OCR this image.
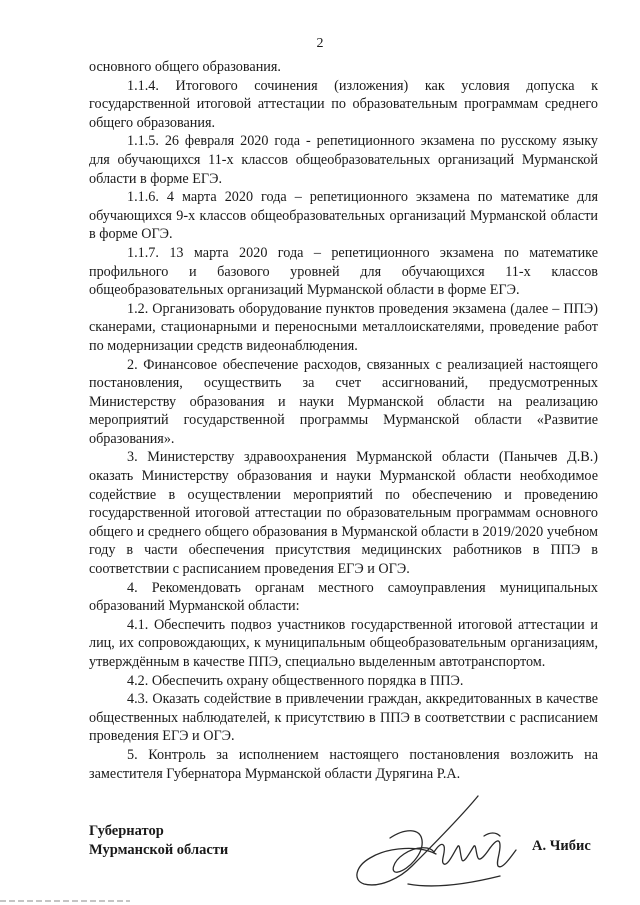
2

основного общего образования.

1.1.4. Итогового сочинения (изложения) как условия допуска к государственной итоговой аттестации по образовательным программам среднего общего образования.

1.1.5. 26 февраля 2020 года - репетиционного экзамена по русскому языку для обучающихся 11-х классов общеобразовательных организаций Мурманской области в форме ЕГЭ.

1.1.6. 4 марта 2020 года – репетиционного экзамена по математике для обучающихся 9-х классов общеобразовательных организаций Мурманской области в форме ОГЭ.

1.1.7. 13 марта 2020 года – репетиционного экзамена по математике профильного и базового уровней для обучающихся 11-х классов общеобразовательных организаций Мурманской области в форме ЕГЭ.

1.2. Организовать оборудование пунктов проведения экзамена (далее – ППЭ) сканерами, стационарными и переносными металлоискателями, проведение работ по модернизации средств видеонаблюдения.

2. Финансовое обеспечение расходов, связанных с реализацией настоящего постановления, осуществить за счет ассигнований, предусмотренных Министерству образования и науки Мурманской области на реализацию мероприятий государственной программы Мурманской области «Развитие образования».

3. Министерству здравоохранения Мурманской области (Панычев Д.В.) оказать Министерству образования и науки Мурманской области необходимое содействие в осуществлении мероприятий по обеспечению и проведению государственной итоговой аттестации по образовательным программам основного общего и среднего общего образования в Мурманской области в 2019/2020 учебном году в части обеспечения присутствия медицинских работников в ППЭ в соответствии с расписанием проведения ЕГЭ и ОГЭ.

4. Рекомендовать органам местного самоуправления муниципальных образований Мурманской области:

4.1. Обеспечить подвоз участников государственной итоговой аттестации и лиц, их сопровождающих, к муниципальным общеобразовательным организациям, утверждённым в качестве ППЭ, специально выделенным автотранспортом.

4.2. Обеспечить охрану общественного порядка в ППЭ.

4.3. Оказать содействие в привлечении граждан, аккредитованных в качестве общественных наблюдателей, к присутствию в ППЭ в соответствии с расписанием проведения ЕГЭ и ОГЭ.

5. Контроль за исполнением настоящего постановления возложить на заместителя Губернатора Мурманской области Дурягина Р.А.

Губернатор
Мурманской области	А. Чибис
